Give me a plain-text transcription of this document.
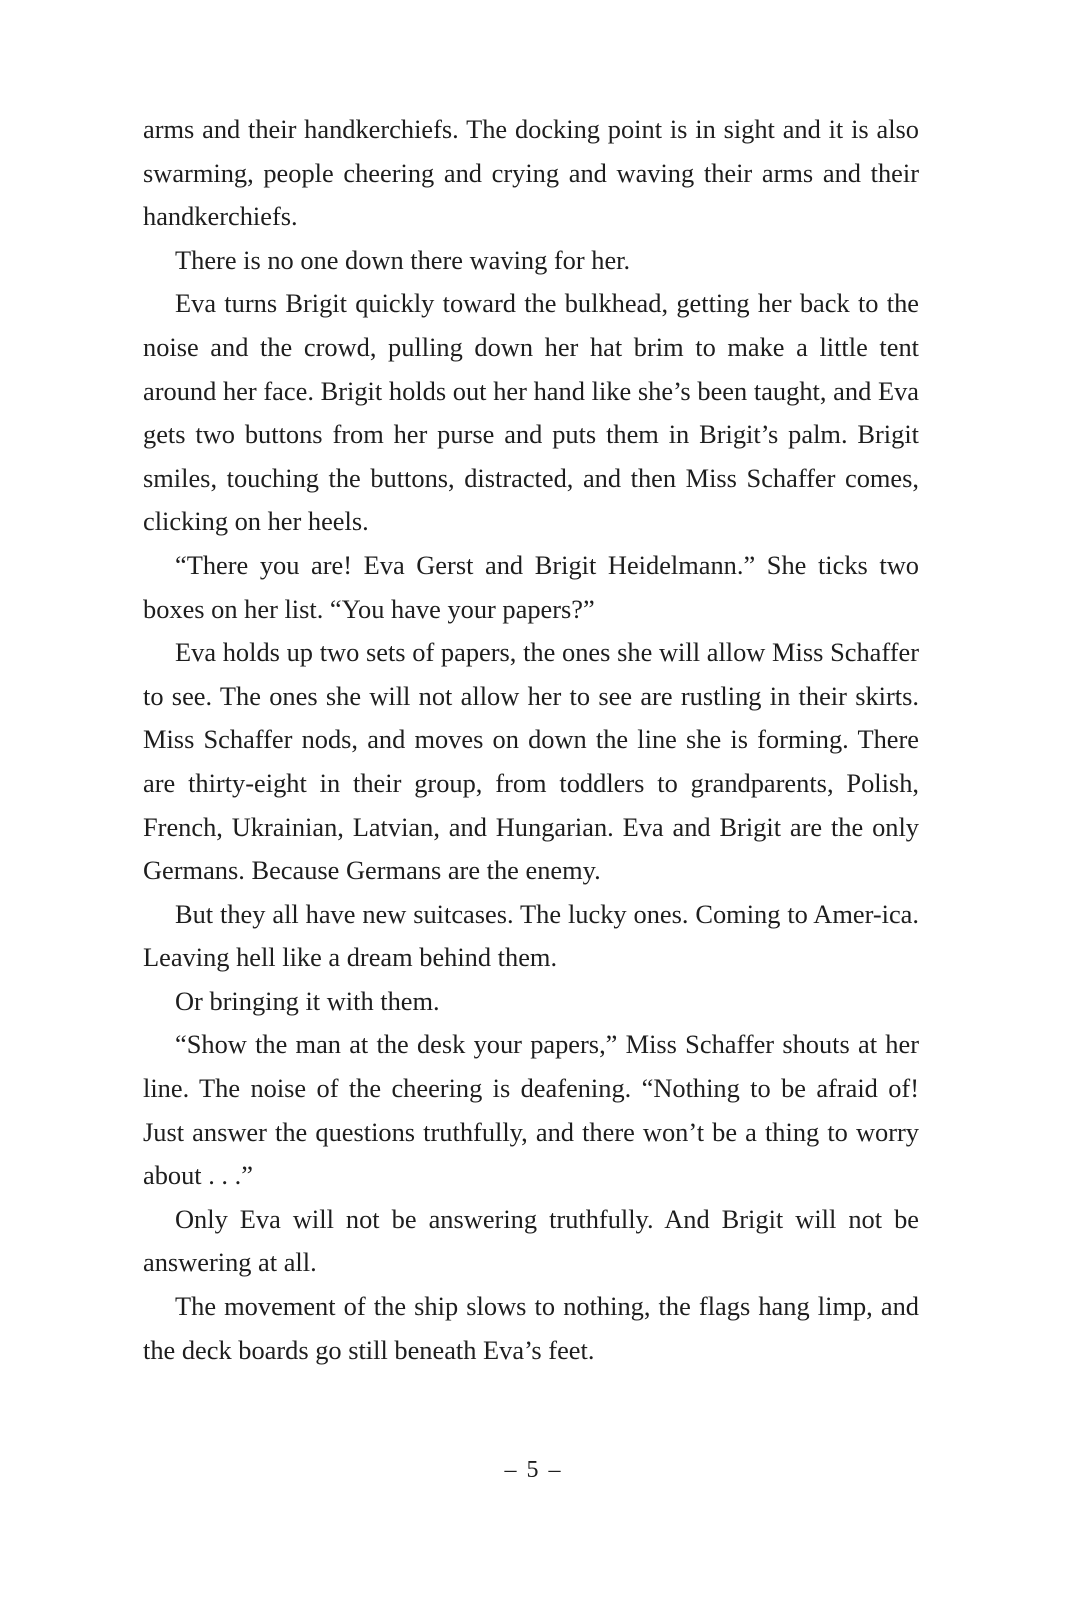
arms and their handkerchiefs. The docking point is in sight and it is also swarming, people cheering and crying and waving their arms and their handkerchiefs.

There is no one down there waving for her.

Eva turns Brigit quickly toward the bulkhead, getting her back to the noise and the crowd, pulling down her hat brim to make a little tent around her face. Brigit holds out her hand like she’s been taught, and Eva gets two buttons from her purse and puts them in Brigit’s palm. Brigit smiles, touching the buttons, distracted, and then Miss Schaffer comes, clicking on her heels.

“There you are! Eva Gerst and Brigit Heidelmann.” She ticks two boxes on her list. “You have your papers?”

Eva holds up two sets of papers, the ones she will allow Miss Schaffer to see. The ones she will not allow her to see are rustling in their skirts. Miss Schaffer nods, and moves on down the line she is forming. There are thirty-eight in their group, from toddlers to grandparents, Polish, French, Ukrainian, Latvian, and Hungarian. Eva and Brigit are the only Germans. Because Germans are the enemy.

But they all have new suitcases. The lucky ones. Coming to Amer-ica. Leaving hell like a dream behind them.

Or bringing it with them.

“Show the man at the desk your papers,” Miss Schaffer shouts at her line. The noise of the cheering is deafening. “Nothing to be afraid of! Just answer the questions truthfully, and there won’t be a thing to worry about . . .”

Only Eva will not be answering truthfully. And Brigit will not be answering at all.

The movement of the ship slows to nothing, the flags hang limp, and the deck boards go still beneath Eva’s feet.

– 5 –
